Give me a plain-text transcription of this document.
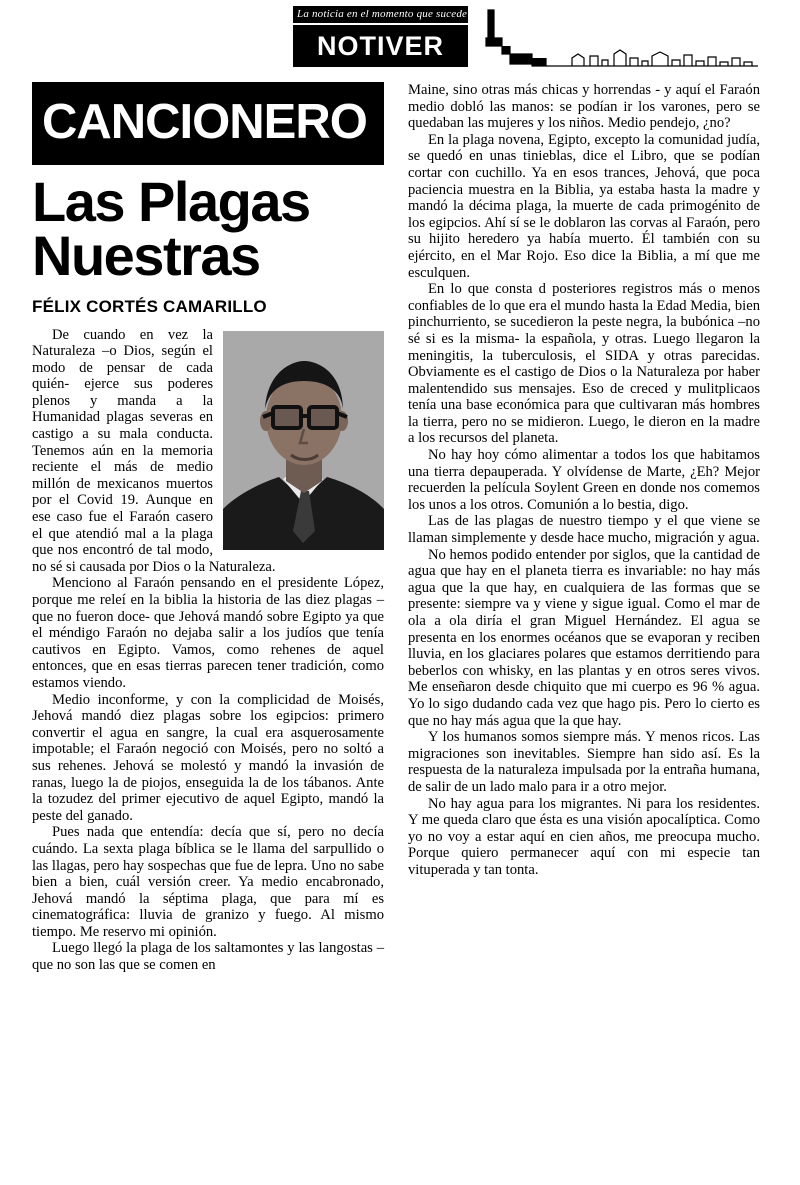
La noticia en el momento que sucede
NOTIVER
CANCIONERO
Las Plagas
Nuestras
FÉLIX CORTÉS CAMARILLO

De cuando en vez la Naturaleza –o Dios, según el modo de pensar de cada quién- ejerce sus poderes plenos y manda a la Humanidad plagas severas en castigo a su mala conducta. Tenemos aún en la memoria reciente el más de medio millón de mexicanos muertos por el Covid 19. Aunque en ese caso fue el Faraón casero el que atendió mal a la plaga que nos encontró de tal modo, no sé si causada por Dios o la Naturaleza.

Menciono al Faraón pensando en el presidente López, porque me releí en la biblia la historia de las diez plagas –que no fueron doce- que Jehová mandó sobre Egipto ya que el méndigo Faraón no dejaba salir a los judíos que tenía cautivos en Egipto. Vamos, como rehenes de aquel entonces, que en esas tierras parecen tener tradición, como estamos viendo.

Medio inconforme, y con la complicidad de Moisés, Jehová mandó diez plagas sobre los egipcios: primero convertir el agua en sangre, la cual era asquerosamente impotable; el Faraón negoció con Moisés, pero no soltó a sus rehenes. Jehová se molestó y mandó la invasión de ranas, luego la de piojos, enseguida la de los tábanos. Ante la tozudez del primer ejecutivo de aquel Egipto, mandó la peste del ganado.

Pues nada que entendía: decía que sí, pero no decía cuándo. La sexta plaga bíblica se le llama del sarpullido o las llagas, pero hay sospechas que fue de lepra. Uno no sabe bien a bien, cuál versión creer. Ya medio encabronado, Jehová mandó la séptima plaga, que para mí es cinematográfica: lluvia de granizo y fuego. Al mismo tiempo. Me reservo mi opinión.

Luego llegó la plaga de los saltamontes y las langostas –que no son las que se comen en

Maine, sino otras más chicas y horrendas - y aquí el Faraón medio dobló las manos: se podían ir los varones, pero se quedaban las mujeres y los niños. Medio pendejo, ¿no?

En la plaga novena, Egipto, excepto la comunidad judía, se quedó en unas tinieblas, dice el Libro, que se podían cortar con cuchillo. Ya en esos trances, Jehová, que poca paciencia muestra en la Biblia, ya estaba hasta la madre y mandó la décima plaga, la muerte de cada primogénito de los egipcios. Ahí sí se le doblaron las corvas al Faraón, pero su hijito heredero ya había muerto. Él también con su ejército, en el Mar Rojo. Eso dice la Biblia, a mí que me esculquen.

En lo que consta d posteriores registros más o menos confiables de lo que era el mundo hasta la Edad Media, bien pinchurriento, se sucedieron la peste negra, la bubónica –no sé si es la misma- la española, y otras. Luego llegaron la meningitis, la tuberculosis, el SIDA y otras parecidas. Obviamente es el castigo de Dios o la Naturaleza por haber malentendido sus mensajes. Eso de creced y mulitplicaos tenía una base económica para que cultivaran más hombres la tierra, pero no se midieron. Luego, le dieron en la madre a los recursos del planeta.

No hay hoy cómo alimentar a todos los que habitamos una tierra depauperada. Y olvídense de Marte, ¿Eh? Mejor recuerden la película Soylent Green en donde nos comemos los unos a los otros. Comunión a lo bestia, digo.

Las de las plagas de nuestro tiempo y el que viene se llaman simplemente y desde hace mucho, migración y agua.

No hemos podido entender por siglos, que la cantidad de agua que hay en el planeta tierra es invariable: no hay más agua que la que hay, en cualquiera de las formas que se presente: siempre va y viene y sigue igual. Como el mar de ola a ola diría el gran Miguel Hernández. El agua se presenta en los enormes océanos que se evaporan y reciben lluvia, en los glaciares polares que estamos derritiendo para beberlos con whisky, en las plantas y en otros seres vivos. Me enseñaron desde chiquito que mi cuerpo es 96 % agua. Yo lo sigo dudando cada vez que hago pis. Pero lo cierto es que no hay más agua que la que hay.

Y los humanos somos siempre más. Y menos ricos. Las migraciones son inevitables. Siempre han sido así. Es la respuesta de la naturaleza impulsada por la entraña humana, de salir de un lado malo para ir a otro mejor.

No hay agua para los migrantes. Ni para los residentes. Y me queda claro que ésta es una visión apocalíptica. Como yo no voy a estar aquí en cien años, me preocupa mucho. Porque quiero permanecer aquí con mi especie tan vituperada y tan tonta.
